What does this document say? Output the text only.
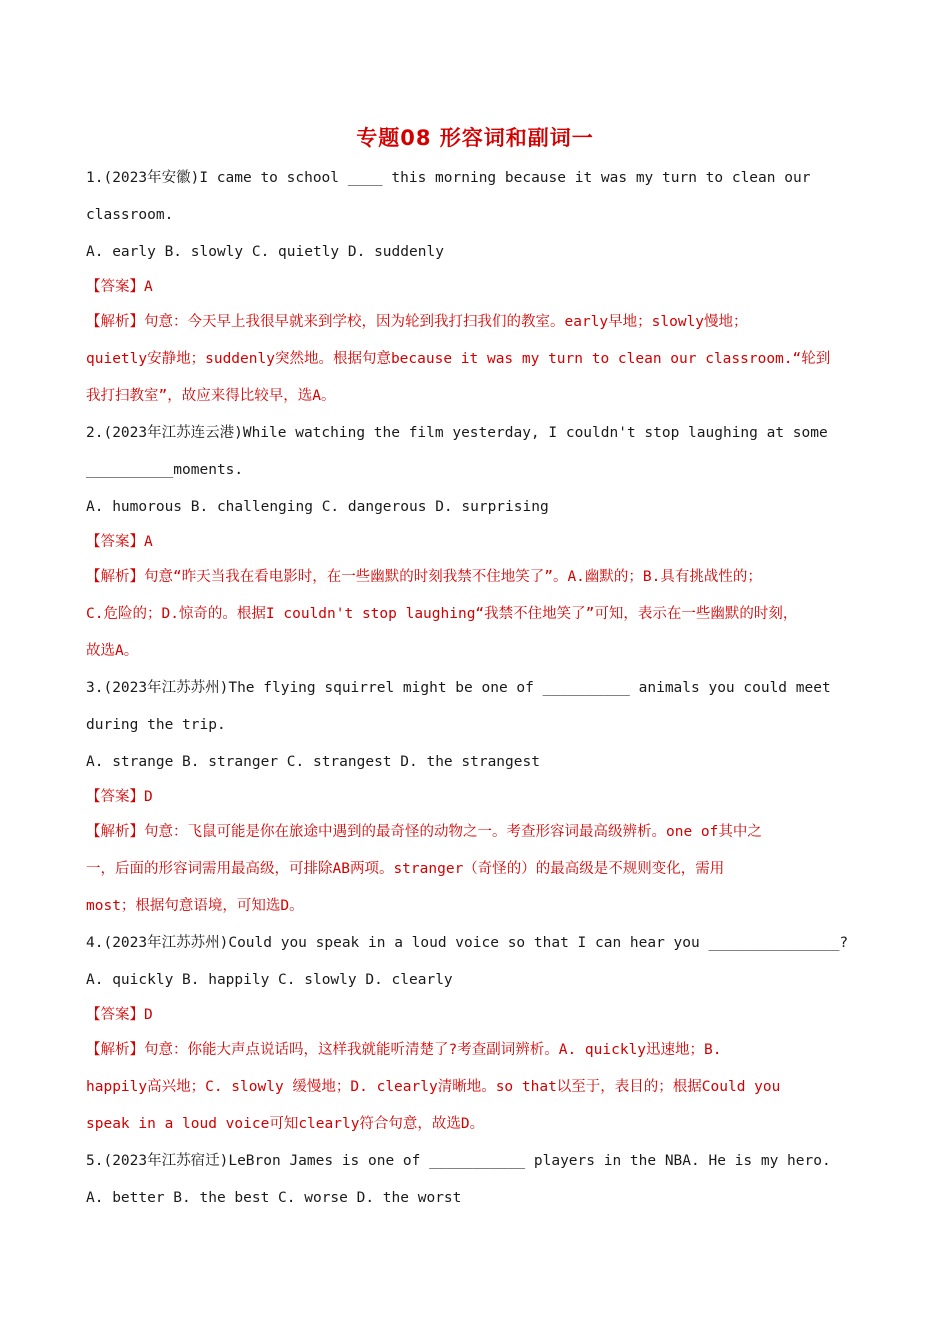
专题08 形容词和副词一
1.(2023年安徽)I came to school ____ this morning because it was my turn to clean our
classroom.
A. early B. slowly C. quietly D. suddenly
【答案】A
【解析】句意：今天早上我很早就来到学校，因为轮到我打扫我们的教室。early早地；slowly慢地；
quietly安静地；suddenly突然地。根据句意because it was my turn to clean our classroom.“轮到
我打扫教室”，故应来得比较早，选A。
2.(2023年江苏连云港)While watching the film yesterday, I couldn't stop laughing at some
__________moments.
A. humorous B. challenging C. dangerous D. surprising
【答案】A
【解析】句意“昨天当我在看电影时，在一些幽默的时刻我禁不住地笑了”。A.幽默的；B.具有挑战性的；
C.危险的；D.惊奇的。根据I couldn't stop laughing“我禁不住地笑了”可知，表示在一些幽默的时刻，
故选A。
3.(2023年江苏苏州)The flying squirrel might be one of __________ animals you could meet
during the trip.
A. strange B. stranger C. strangest D. the strangest
【答案】D
【解析】句意：飞鼠可能是你在旅途中遇到的最奇怪的动物之一。考查形容词最高级辨析。one of其中之
一，后面的形容词需用最高级，可排除AB两项。stranger（奇怪的）的最高级是不规则变化，需用
most；根据句意语境，可知选D。
4.(2023年江苏苏州)Could you speak in a loud voice so that I can hear you _______________?
A. quickly B. happily C. slowly D. clearly
【答案】D
【解析】句意：你能大声点说话吗，这样我就能听清楚了?考查副词辨析。A. quickly迅速地；B.
happily高兴地；C. slowly 缓慢地；D. clearly清晰地。so that以至于，表目的；根据Could you
speak in a loud voice可知clearly符合句意，故选D。
5.(2023年江苏宿迁)LeBron James is one of ___________ players in the NBA. He is my hero.
A. better B. the best C. worse D. the worst
